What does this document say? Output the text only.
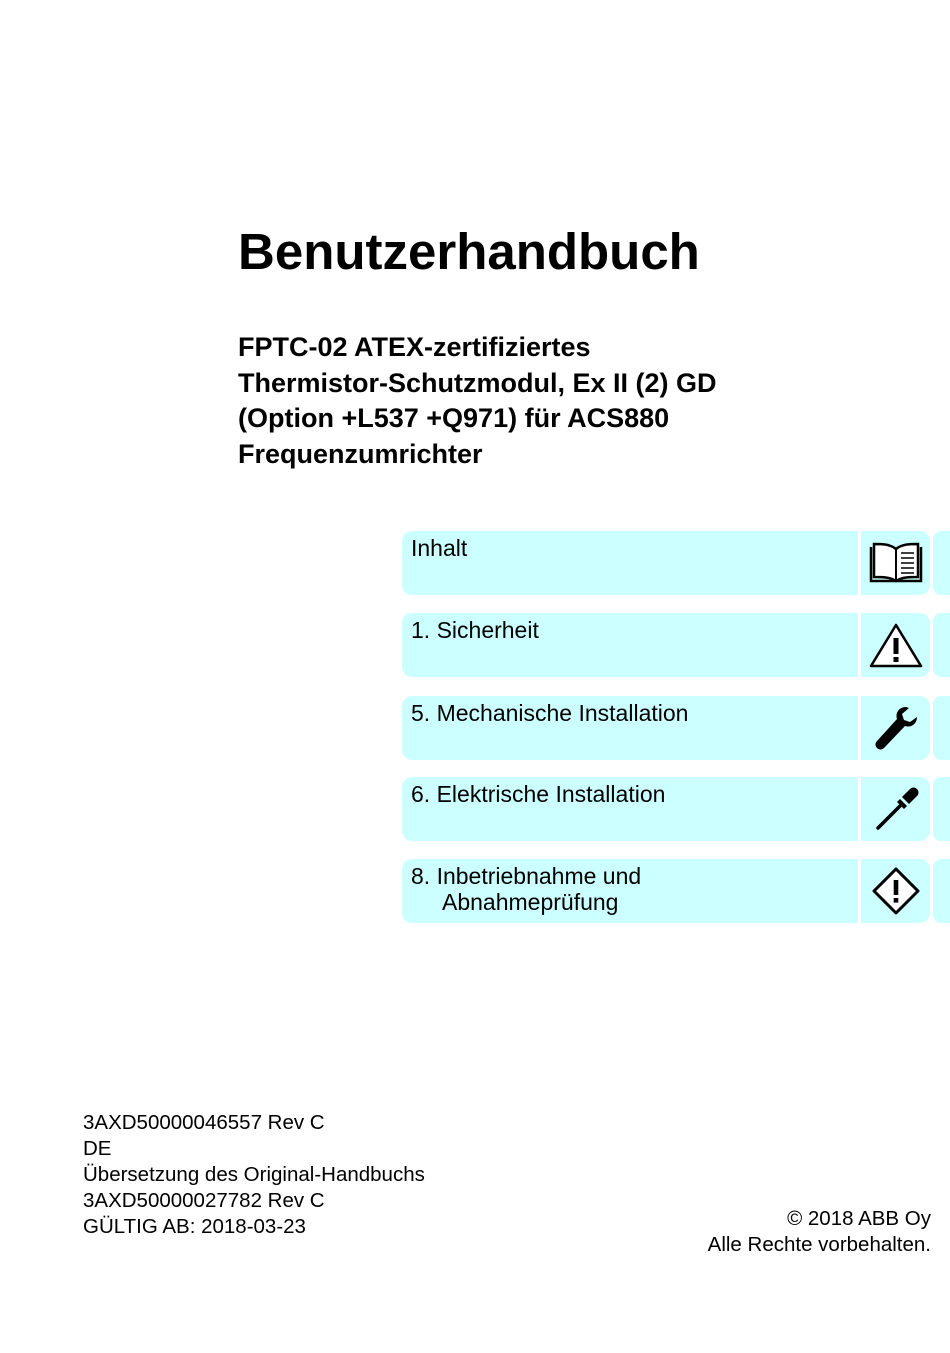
Benutzerhandbuch
FPTC-02 ATEX-zertifiziertes
Thermistor-Schutzmodul, Ex II (2) GD
(Option +L537 +Q971) für ACS880
Frequenzumrichter
Inhalt
1. Sicherheit
5. Mechanische Installation
6. Elektrische Installation
8. Inbetriebnahme und
Abnahmeprüfung
3AXD50000046557 Rev C
DE
Übersetzung des Original-Handbuchs
3AXD50000027782 Rev C
GÜLTIG AB: 2018-03-23	© 2018 ABB Oy
Alle Rechte vorbehalten.
